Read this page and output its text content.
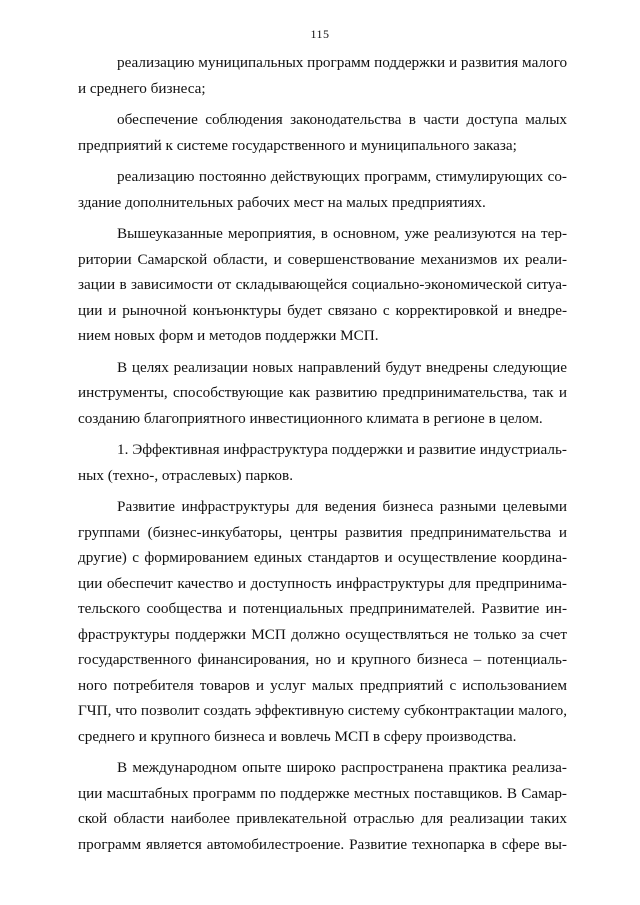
115
реализацию муниципальных программ поддержки и развития малого
и среднего бизнеса;
обеспечение соблюдения законодательства в части доступа малых
предприятий к системе государственного и муниципального заказа;
реализацию постоянно действующих программ, стимулирующих со-
здание дополнительных рабочих мест на малых предприятиях.
Вышеуказанные мероприятия, в основном, уже реализуются на тер-
ритории Самарской области, и совершенствование механизмов их реали-
зации в зависимости от складывающейся социально-экономической ситуа-
ции и рыночной конъюнктуры будет связано с корректировкой и внедре-
нием новых форм и методов поддержки МСП.
В целях реализации новых направлений будут внедрены следующие
инструменты, способствующие как развитию предпринимательства, так и
созданию благоприятного инвестиционного климата в регионе в целом.
1. Эффективная инфраструктура поддержки и развитие индустриаль-
ных (техно-, отраслевых) парков.
Развитие инфраструктуры для ведения бизнеса разными целевыми
группами (бизнес-инкубаторы, центры развития предпринимательства и
другие) с формированием единых стандартов и осуществление координа-
ции обеспечит качество и доступность инфраструктуры для предпринима-
тельского сообщества и потенциальных предпринимателей. Развитие ин-
фраструктуры поддержки МСП должно осуществляться не только за счет
государственного финансирования, но и крупного бизнеса – потенциаль-
ного потребителя товаров и услуг малых предприятий с использованием
ГЧП, что позволит создать эффективную систему субконтрактации малого,
среднего и крупного бизнеса и вовлечь МСП в сферу производства.
В международном опыте широко распространена практика реализа-
ции масштабных программ по поддержке местных поставщиков. В Самар-
ской области наиболее привлекательной отраслью для реализации таких
программ является автомобилестроение. Развитие технопарка в сфере вы-
